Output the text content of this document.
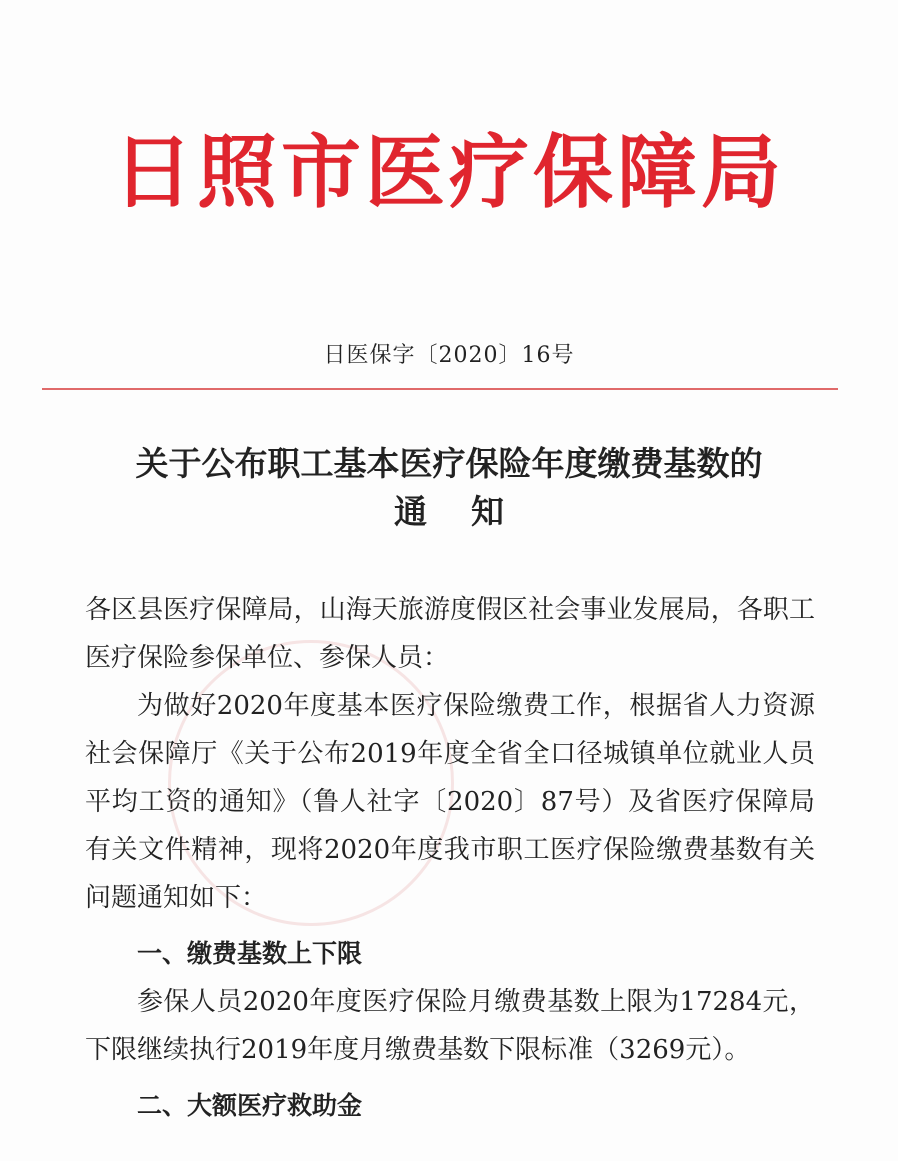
日照市医疗保障局
日医保字〔2020〕16号
关于公布职工基本医疗保险年度缴费基数的
通知

各区县医疗保障局，山海天旅游度假区社会事业发展局，各职工医疗保险参保单位、参保人员：

为做好2020年度基本医疗保险缴费工作，根据省人力资源社会保障厅《关于公布2019年度全省全口径城镇单位就业人员平均工资的通知》（鲁人社字〔2020〕87号）及省医疗保障局有关文件精神，现将2020年度我市职工医疗保险缴费基数有关问题通知如下：

一、缴费基数上下限

参保人员2020年度医疗保险月缴费基数上限为17284元，下限继续执行2019年度月缴费基数下限标准（3269元）。

二、大额医疗救助金
